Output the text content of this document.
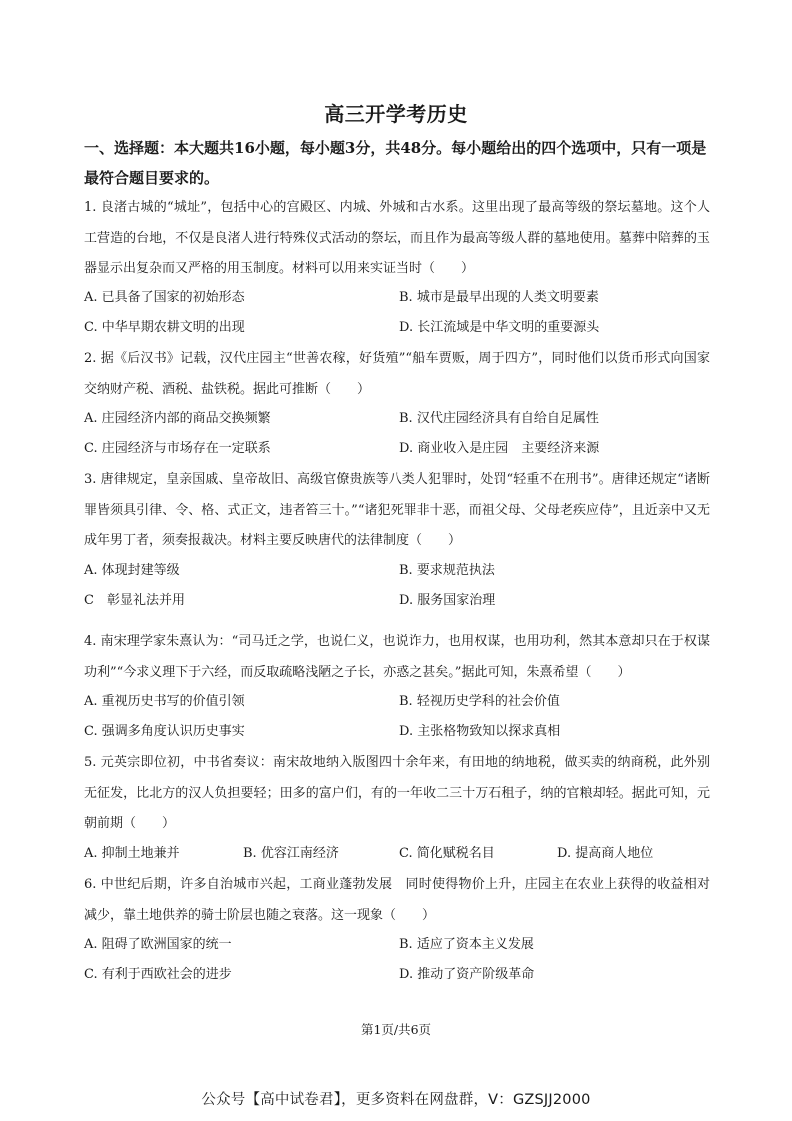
高三开学考历史
一、选择题：本大题共16小题，每小题3分，共48分。每小题给出的四个选项中，只有一项是最符合题目要求的。
1. 良渚古城的“城址”，包括中心的宫殿区、内城、外城和古水系。这里出现了最高等级的祭坛墓地。这个人工营造的台地，不仅是良渚人进行特殊仪式活动的祭坛，而且作为最高等级人群的墓地使用。墓葬中陪葬的玉器显示出复杂而又严格的用玉制度。材料可以用来实证当时（　　）
A. 已具备了国家的初始形态	B. 城市是最早出现的人类文明要素
C. 中华早期农耕文明的出现	D. 长江流域是中华文明的重要源头
2. 据《后汉书》记载，汉代庄园主“世善农稼，好货殖”“船车贾贩，周于四方”，同时他们以货币形式向国家交纳财产税、酒税、盐铁税。据此可推断（　　）
A. 庄园经济内部的商品交换频繁	B. 汉代庄园经济具有自给自足属性
C. 庄园经济与市场存在一定联系	D. 商业收入是庄园　主要经济来源
3. 唐律规定，皇亲国戚、皇帝故旧、高级官僚贵族等八类人犯罪时，处罚“轻重不在刑书”。唐律还规定“诸断罪皆须具引律、令、格、式正文，违者笞三十。”“诸犯死罪非十恶，而祖父母、父母老疾应侍”，且近亲中又无成年男丁者，须奏报裁决。材料主要反映唐代的法律制度（　　）
A. 体现封建等级	B. 要求规范执法
C　彰显礼法并用	D. 服务国家治理
4. 南宋理学家朱熹认为：“司马迁之学，也说仁义，也说诈力，也用权谋，也用功利，然其本意却只在于权谋功利”“今求义理下于六经，而反取疏略浅陋之子长，亦惑之甚矣。”据此可知，朱熹希望（　　）
A. 重视历史书写的价值引领	B. 轻视历史学科的社会价值
C. 强调多角度认识历史事实	D. 主张格物致知以探求真相
5. 元英宗即位初，中书省奏议：南宋故地纳入版图四十余年来，有田地的纳地税，做买卖的纳商税，此外别无征发，比北方的汉人负担要轻；田多的富户们，有的一年收二三十万石租子，纳的官粮却轻。据此可知，元朝前期（　　）
A. 抑制土地兼并	B. 优容江南经济	C. 简化赋税名目	D. 提高商人地位
6. 中世纪后期，许多自治城市兴起，工商业蓬勃发展　同时使得物价上升，庄园主在农业上获得的收益相对减少，靠土地供养的骑士阶层也随之衰落。这一现象（　　）
A. 阻碍了欧洲国家的统一	B. 适应了资本主义发展
C. 有利于西欧社会的进步	D. 推动了资产阶级革命
第1页/共6页
公众号【高中试卷君】，更多资料在网盘群，V：GZSJJ2000
